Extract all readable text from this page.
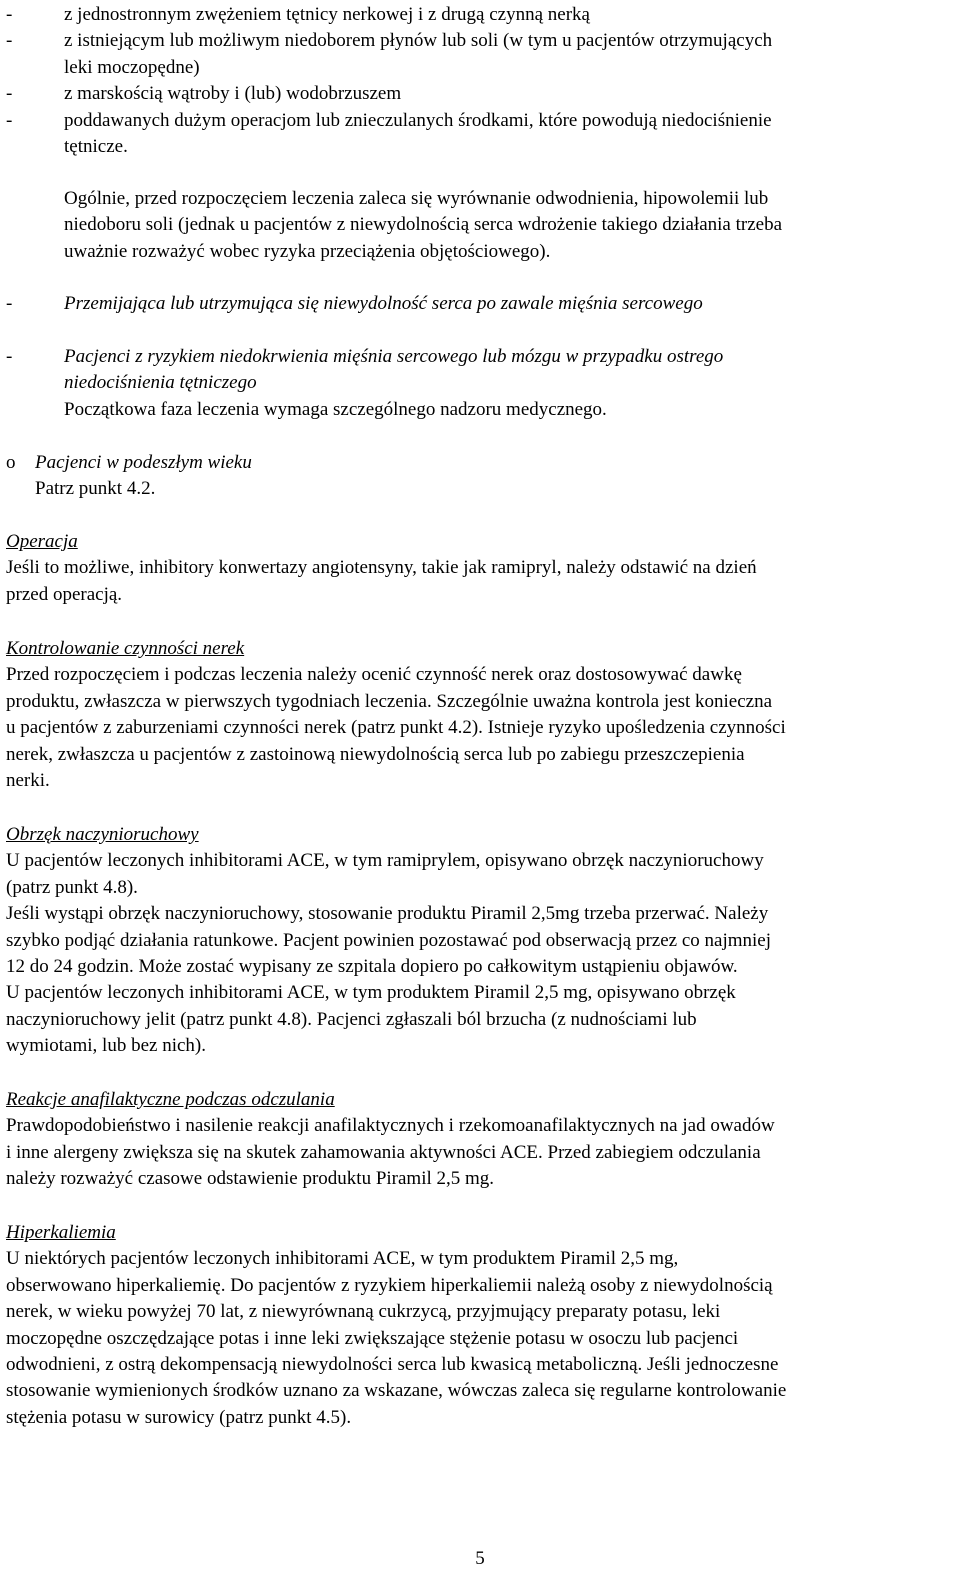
-	z jednostronnym zwężeniem tętnicy nerkowej i z drugą czynną nerką
-	z istniejącym lub możliwym niedoborem płynów lub soli (w tym u pacjentów otrzymujących
leki moczopędne)
-	z marskością wątroby i (lub) wodobrzuszem
-	poddawanych dużym operacjom lub znieczulanych środkami, które powodują niedociśnienie
tętnicze.
Ogólnie, przed rozpoczęciem leczenia zaleca się wyrównanie odwodnienia, hipowolemii lub
niedoboru soli (jednak u pacjentów z niewydolnością serca wdrożenie takiego działania trzeba
uważnie rozważyć wobec ryzyka przeciążenia objętościowego).
-	Przemijająca lub utrzymująca się niewydolność serca po zawale mięśnia sercowego
-	Pacjenci z ryzykiem niedokrwienia mięśnia sercowego lub mózgu w przypadku ostrego
niedociśnienia tętniczego
Początkowa faza leczenia wymaga szczególnego nadzoru medycznego.
o Pacjenci w podeszłym wieku
Patrz punkt 4.2.
Operacja
Jeśli to możliwe, inhibitory konwertazy angiotensyny, takie jak ramipryl, należy odstawić na dzień
przed operacją.
Kontrolowanie czynności nerek
Przed rozpoczęciem i podczas leczenia należy ocenić czynność nerek oraz dostosowywać dawkę
produktu, zwłaszcza w pierwszych tygodniach leczenia. Szczególnie uważna kontrola jest konieczna
u pacjentów z zaburzeniami czynności nerek (patrz punkt 4.2). Istnieje ryzyko upośledzenia czynności
nerek, zwłaszcza u pacjentów z zastoinową niewydolnością serca lub po zabiegu przeszczepienia
nerki.
Obrzęk naczynioruchowy
U pacjentów leczonych inhibitorami ACE, w tym ramiprylem, opisywano obrzęk naczynioruchowy
(patrz punkt 4.8).
Jeśli wystąpi obrzęk naczynioruchowy, stosowanie produktu Piramil 2,5mg trzeba przerwać. Należy
szybko podjąć działania ratunkowe. Pacjent powinien pozostawać pod obserwacją przez co najmniej
12 do 24 godzin. Może zostać wypisany ze szpitala dopiero po całkowitym ustąpieniu objawów.
U pacjentów leczonych inhibitorami ACE, w tym produktem Piramil 2,5 mg, opisywano obrzęk
naczynioruchowy jelit (patrz punkt 4.8). Pacjenci zgłaszali ból brzucha (z nudnościami lub
wymiotami, lub bez nich).
Reakcje anafilaktyczne podczas odczulania
Prawdopodobieństwo i nasilenie reakcji anafilaktycznych i rzekomoanafilaktycznych na jad owadów
i inne alergeny zwiększa się na skutek zahamowania aktywności ACE. Przed zabiegiem odczulania
należy rozważyć czasowe odstawienie produktu Piramil 2,5 mg.
Hiperkaliemia
U niektórych pacjentów leczonych inhibitorami ACE, w tym produktem Piramil 2,5 mg,
obserwowano hiperkaliemię. Do pacjentów z ryzykiem hiperkaliemii należą osoby z niewydolnością
nerek, w wieku powyżej 70 lat, z niewyrównaną cukrzycą, przyjmujący preparaty potasu, leki
moczopędne oszczędzające potas i inne leki zwiększające stężenie potasu w osoczu lub pacjenci
odwodnieni, z ostrą dekompensacją niewydolności serca lub kwasicą metaboliczną. Jeśli jednoczesne
stosowanie wymienionych środków uznano za wskazane, wówczas zaleca się regularne kontrolowanie
stężenia potasu w surowicy (patrz punkt 4.5).
5
